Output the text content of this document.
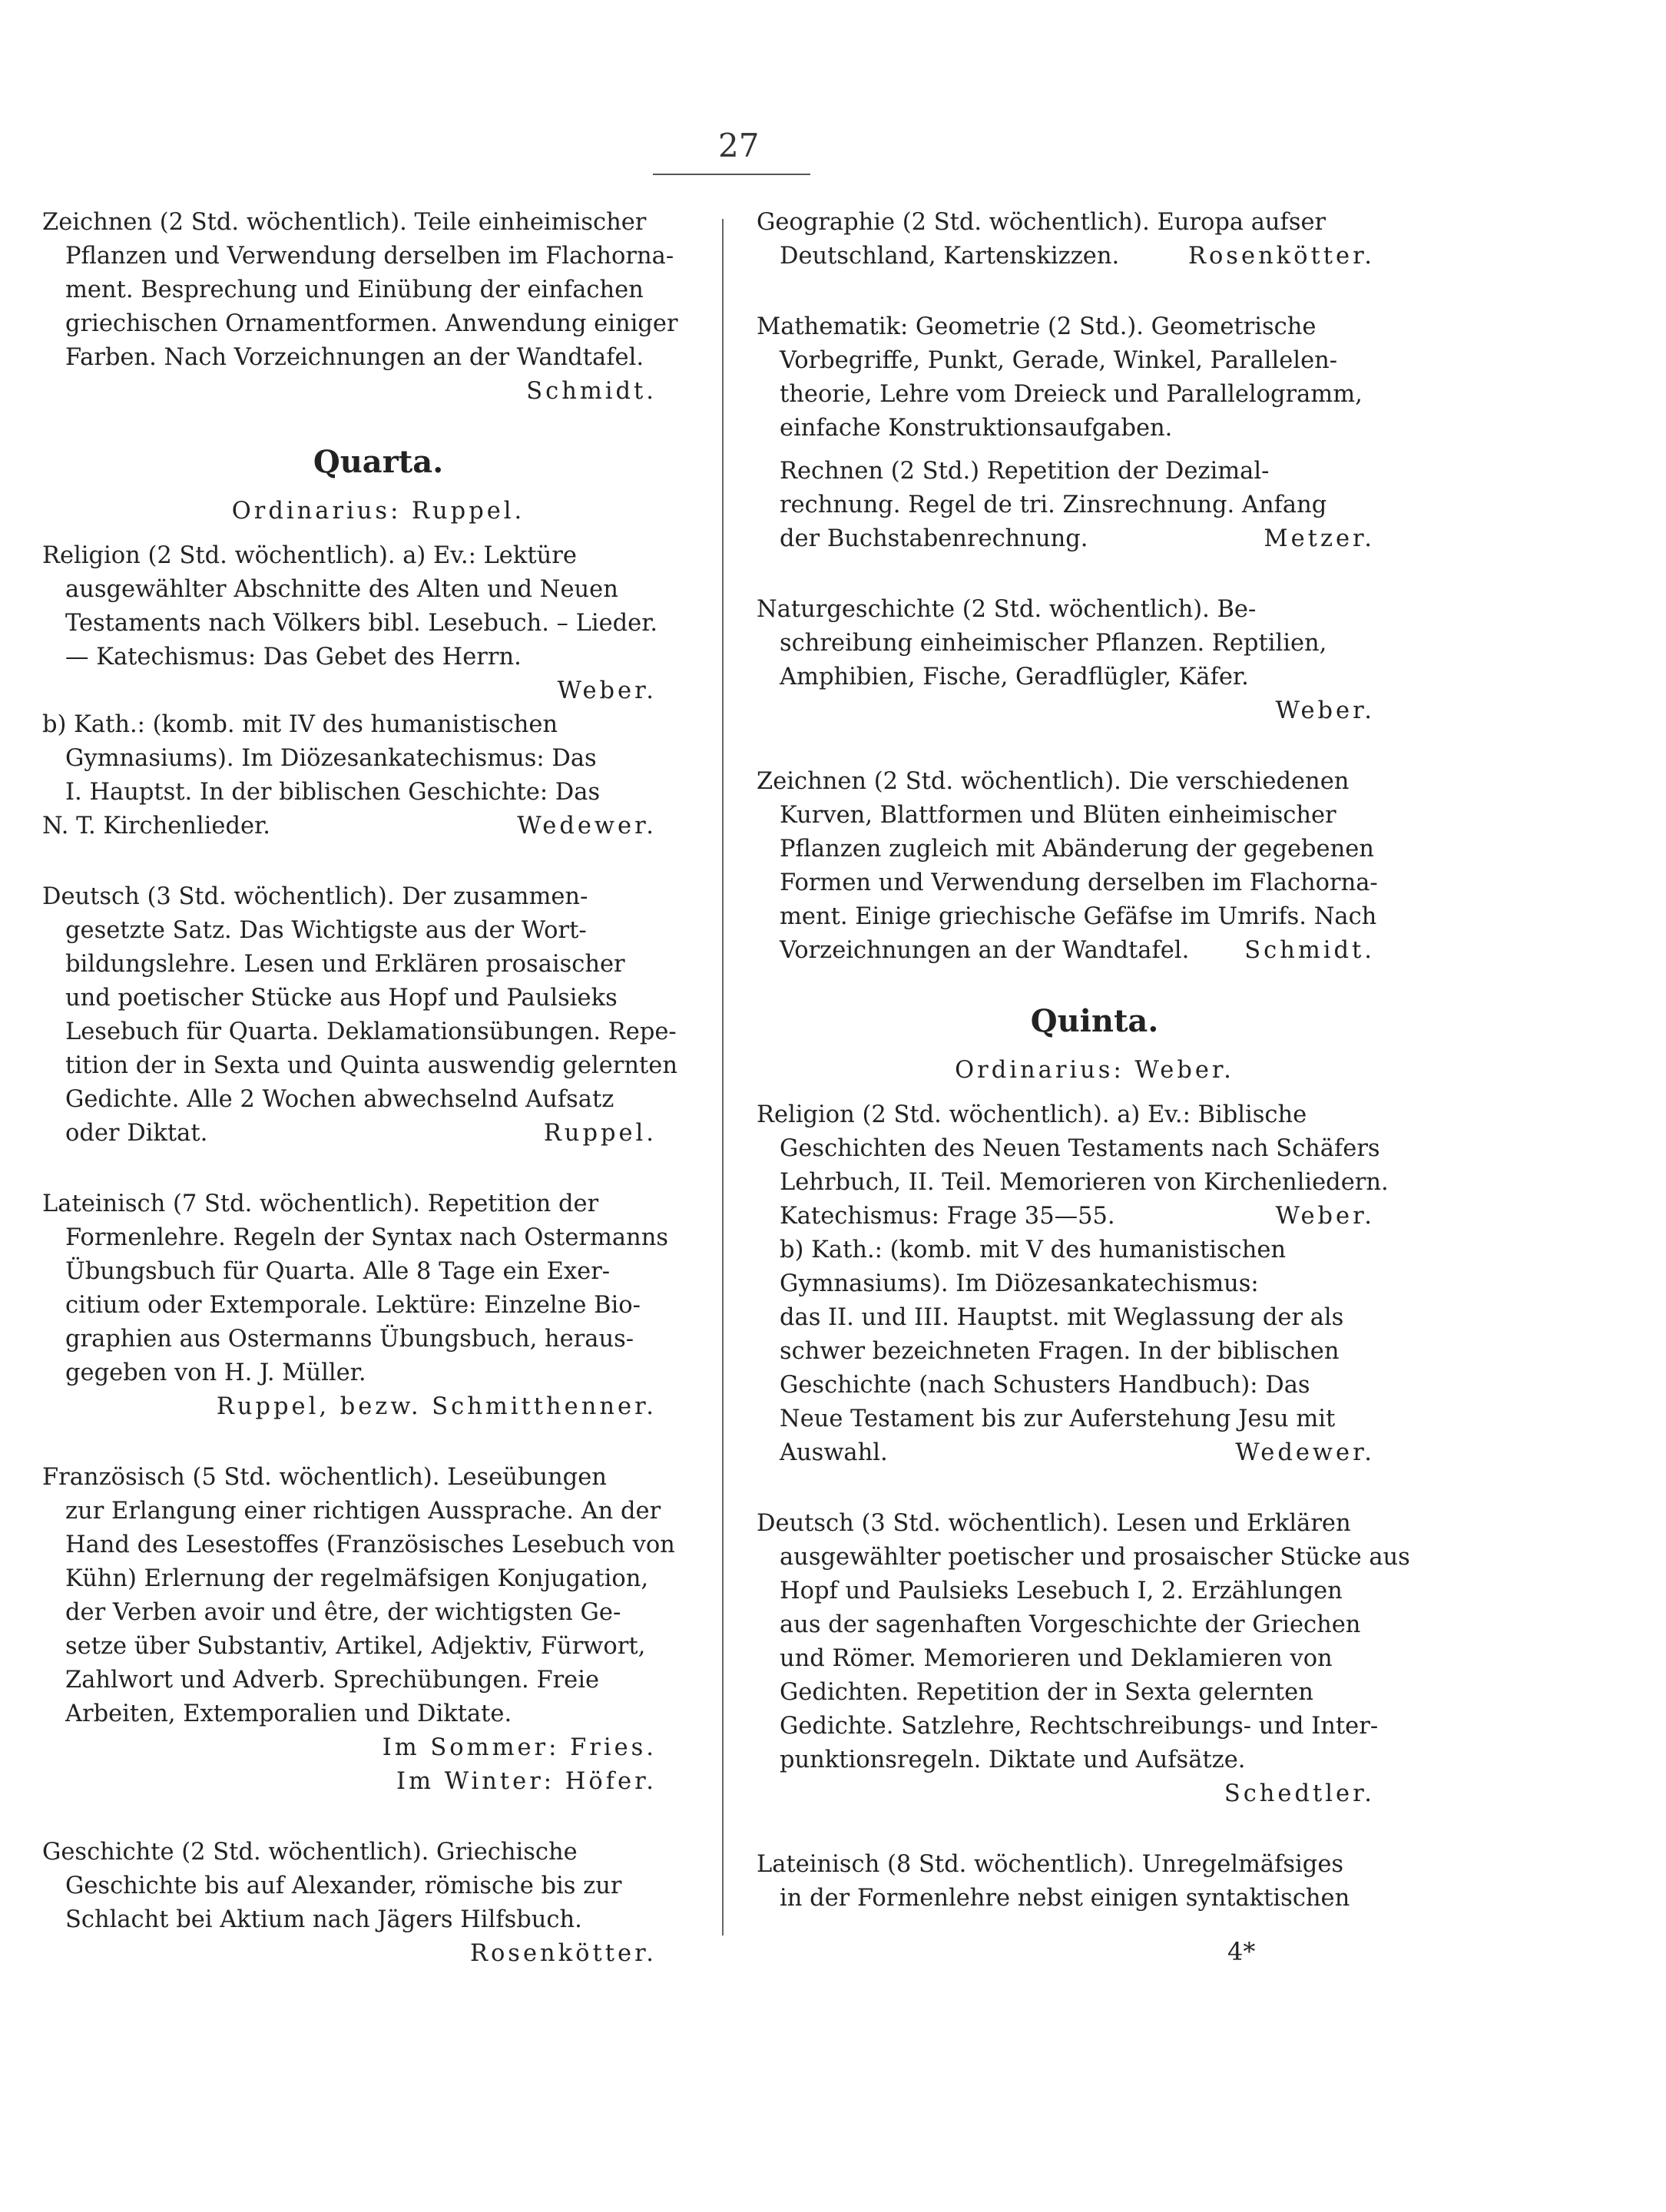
27
Zeichnen (2 Std. wöchentlich). Teile einheimischer
Pflanzen und Verwendung derselben im Flachorna-
ment. Besprechung und Einübung der einfachen
griechischen Ornamentformen. Anwendung einiger
Farben. Nach Vorzeichnungen an der Wandtafel.
Schmidt.
Quarta.
Ordinarius: Ruppel.
Religion (2 Std. wöchentlich). a) Ev.: Lektüre
ausgewählter Abschnitte des Alten und Neuen
Testaments nach Völkers bibl. Lesebuch. – Lieder.
— Katechismus: Das Gebet des Herrn.
Weber.
b) Kath.: (komb. mit IV des humanistischen
Gymnasiums). Im Diözesankatechismus: Das
I. Hauptst. In der biblischen Geschichte: Das
N. T. Kirchenlieder.	Wedewer.
Deutsch (3 Std. wöchentlich). Der zusammen-
gesetzte Satz. Das Wichtigste aus der Wort-
bildungslehre. Lesen und Erklären prosaischer
und poetischer Stücke aus Hopf und Paulsieks
Lesebuch für Quarta. Deklamationsübungen. Repe-
tition der in Sexta und Quinta auswendig gelernten
Gedichte. Alle 2 Wochen abwechselnd Aufsatz
oder Diktat.	Ruppel.
Lateinisch (7 Std. wöchentlich). Repetition der
Formenlehre. Regeln der Syntax nach Ostermanns
Übungsbuch für Quarta. Alle 8 Tage ein Exer-
citium oder Extemporale. Lektüre: Einzelne Bio-
graphien aus Ostermanns Übungsbuch, heraus-
gegeben von H. J. Müller.
Ruppel, bezw. Schmitthenner.
Französisch (5 Std. wöchentlich). Leseübungen
zur Erlangung einer richtigen Aussprache. An der
Hand des Lesestoffes (Französisches Lesebuch von
Kühn) Erlernung der regelmäfsigen Konjugation,
der Verben avoir und être, der wichtigsten Ge-
setze über Substantiv, Artikel, Adjektiv, Fürwort,
Zahlwort und Adverb. Sprechübungen. Freie
Arbeiten, Extemporalien und Diktate.
Im Sommer: Fries.
Im Winter: Höfer.
Geschichte (2 Std. wöchentlich). Griechische
Geschichte bis auf Alexander, römische bis zur
Schlacht bei Aktium nach Jägers Hilfsbuch.
Rosenkötter.
Geographie (2 Std. wöchentlich). Europa aufser
Deutschland, Kartenskizzen.	Rosenkötter.
Mathematik: Geometrie (2 Std.). Geometrische
Vorbegriffe, Punkt, Gerade, Winkel, Parallelen-
theorie, Lehre vom Dreieck und Parallelogramm,
einfache Konstruktionsaufgaben.
Rechnen (2 Std.) Repetition der Dezimal-
rechnung. Regel de tri. Zinsrechnung. Anfang
der Buchstabenrechnung.	Metzer.
Naturgeschichte (2 Std. wöchentlich). Be-
schreibung einheimischer Pflanzen. Reptilien,
Amphibien, Fische, Geradflügler, Käfer.
Weber.
Zeichnen (2 Std. wöchentlich). Die verschiedenen
Kurven, Blattformen und Blüten einheimischer
Pflanzen zugleich mit Abänderung der gegebenen
Formen und Verwendung derselben im Flachorna-
ment. Einige griechische Gefäfse im Umrifs. Nach
Vorzeichnungen an der Wandtafel. Schmidt.
Quinta.
Ordinarius: Weber.
Religion (2 Std. wöchentlich). a) Ev.: Biblische
Geschichten des Neuen Testaments nach Schäfers
Lehrbuch, II. Teil. Memorieren von Kirchenliedern.
Katechismus: Frage 35—55.	Weber.
b) Kath.: (komb. mit V des humanistischen
Gymnasiums). Im Diözesankatechismus:
das II. und III. Hauptst. mit Weglassung der als
schwer bezeichneten Fragen. In der biblischen
Geschichte (nach Schusters Handbuch): Das
Neue Testament bis zur Auferstehung Jesu mit
Auswahl.	Wedewer.
Deutsch (3 Std. wöchentlich). Lesen und Erklären
ausgewählter poetischer und prosaischer Stücke aus
Hopf und Paulsieks Lesebuch I, 2. Erzählungen
aus der sagenhaften Vorgeschichte der Griechen
und Römer. Memorieren und Deklamieren von
Gedichten. Repetition der in Sexta gelernten
Gedichte. Satzlehre, Rechtschreibungs- und Inter-
punktionsregeln. Diktate und Aufsätze.
Schedtler.
Lateinisch (8 Std. wöchentlich). Unregelmäfsiges
in der Formenlehre nebst einigen syntaktischen
4*
